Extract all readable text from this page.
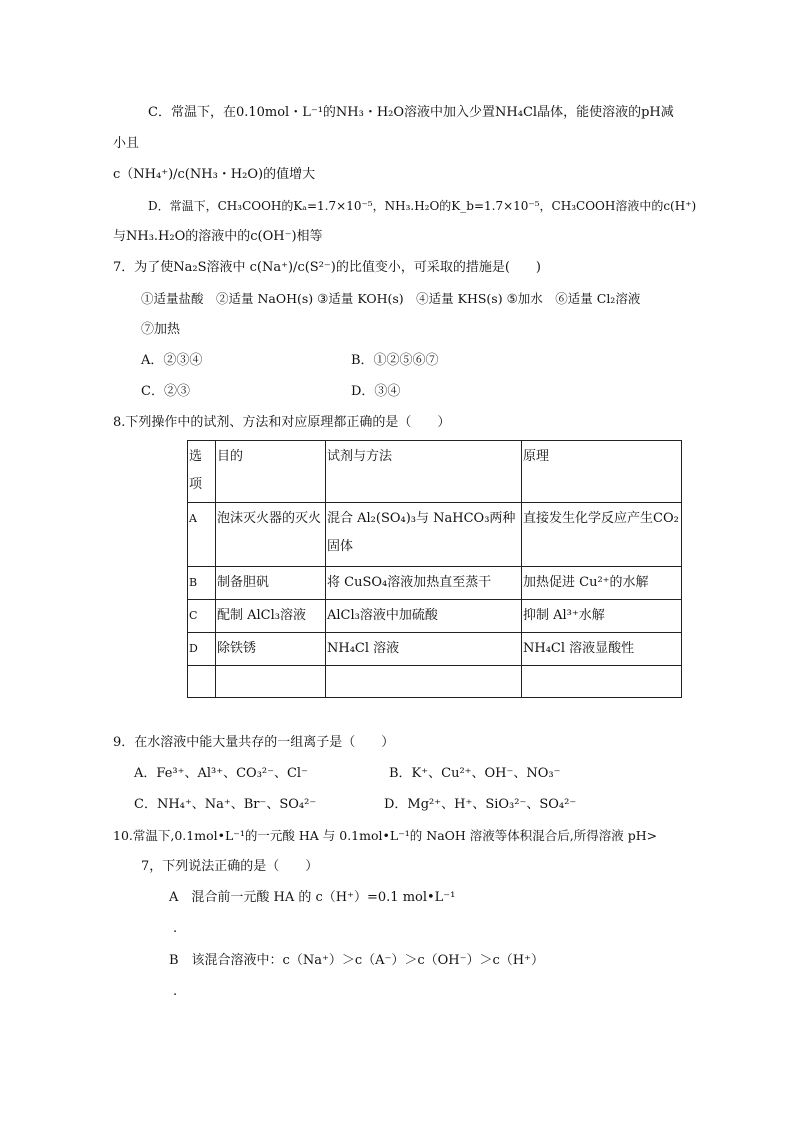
C．常温下，在0.10mol・L⁻¹的NH₃・H₂O溶液中加入少置NH₄Cl晶体，能使溶液的pH减
小且
c（NH₄⁺)/c(NH₃・H₂O)的值增大
D．常温下，CH₃COOH的Kₐ=1.7×10⁻⁵，NH₃.H₂O的K_b=1.7×10⁻⁵，CH₃COOH溶液中的c(H⁺)
与NH₃.H₂O的溶液中的c(OH⁻)相等
7．为了使Na₂S溶液中 c(Na⁺)/c(S²⁻)的比值变小，可采取的措施是(　　)
①适量盐酸　②适量 NaOH(s) ③适量 KOH(s)　④适量 KHS(s) ⑤加水　⑥适量 Cl₂溶液
⑦加热
A．②③④	B．①②⑤⑥⑦
C．②③	D．③④
8.下列操作中的试剂、方法和对应原理都正确的是（　　）
选项	目的	试剂与方法	原理
A	泡沫灭火器的灭火	混合 Al₂(SO₄)₃与 NaHCO₃两种固体	直接发生化学反应产生CO₂
B	制备胆矾	将 CuSO₄溶液加热直至蒸干	加热促进 Cu²⁺的水解
C	配制 AlCl₃溶液	AlCl₃溶液中加硫酸	抑制 Al³⁺水解
D	除铁锈	NH₄Cl 溶液	NH₄Cl 溶液显酸性

9．在水溶液中能大量共存的一组离子是（　　）
A．Fe³⁺、Al³⁺、CO₃²⁻、Cl⁻	B．K⁺、Cu²⁺、OH⁻、NO₃⁻
C．NH₄⁺、Na⁺、Br⁻、SO₄²⁻	D．Mg²⁺、H⁺、SiO₃²⁻、SO₄²⁻
10.常温下,0.1mol•L⁻¹的一元酸 HA 与 0.1mol•L⁻¹的 NaOH 溶液等体积混合后,所得溶液 pH>
7，下列说法正确的是（　　）
A　混合前一元酸 HA 的 c（H⁺）=0.1 mol•L⁻¹
.
B　该混合溶液中：c（Na⁺）＞c（A⁻）＞c（OH⁻）＞c（H⁺）
.
